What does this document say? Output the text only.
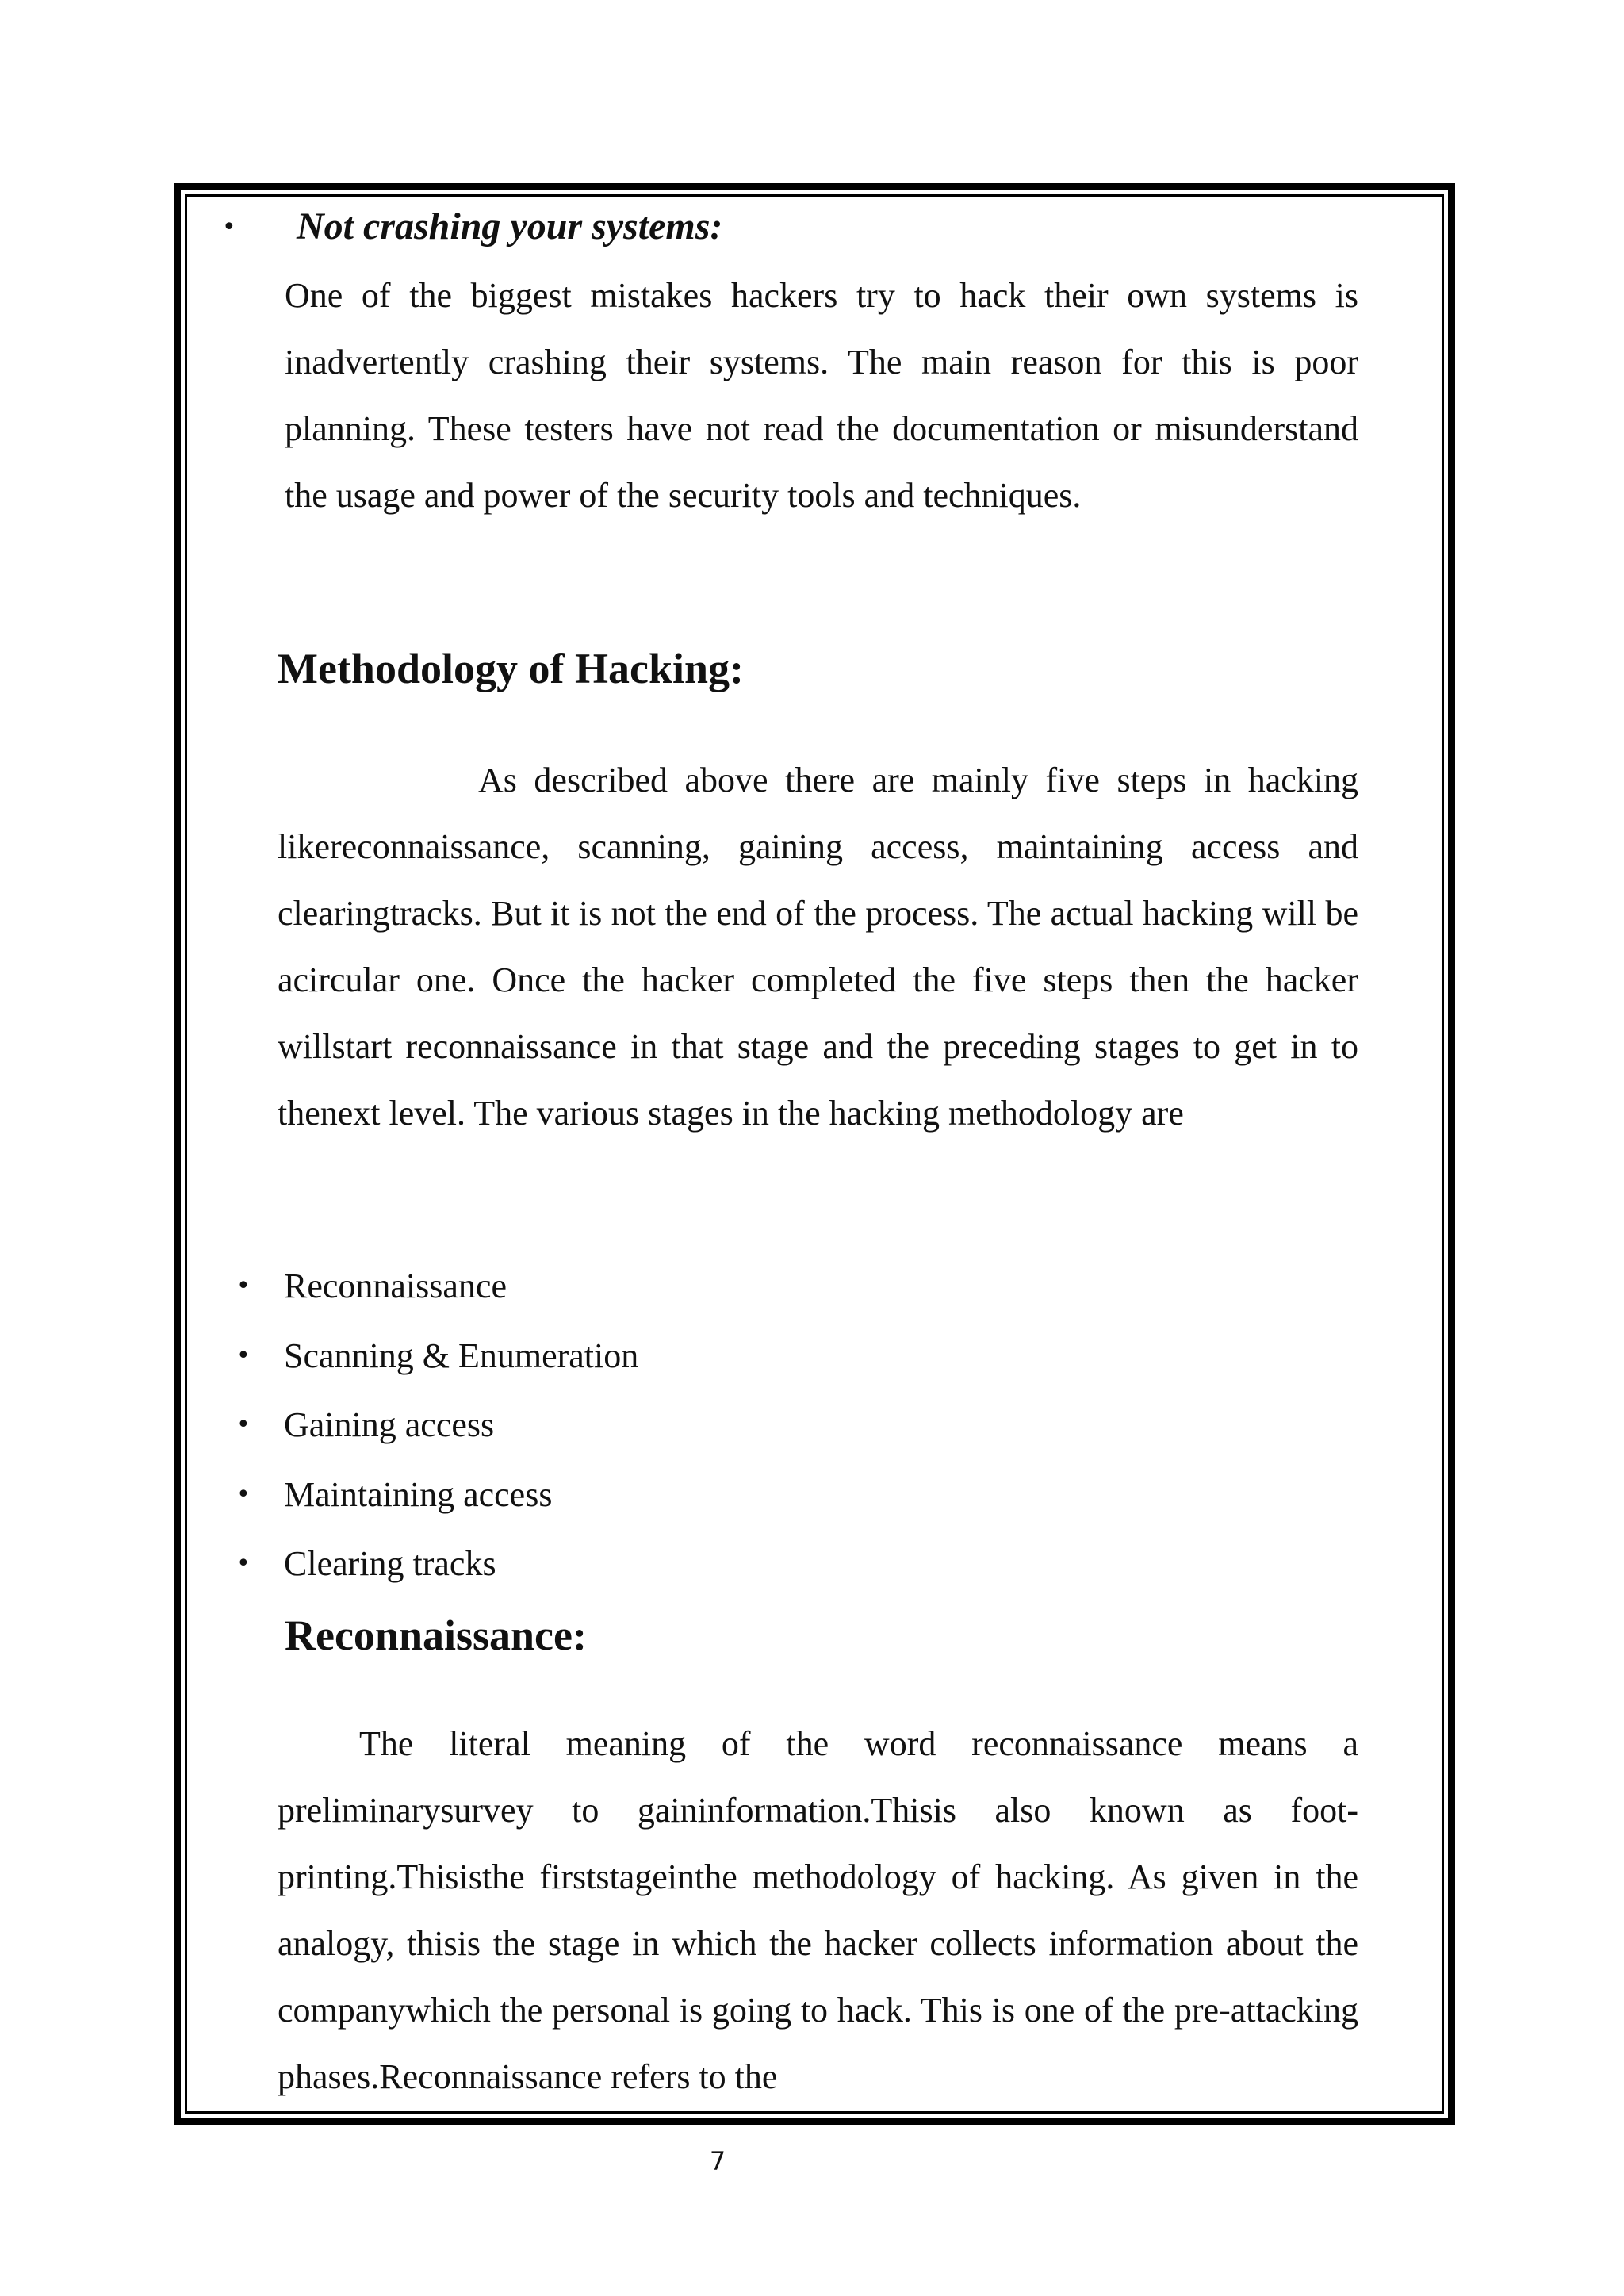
• Not crashing your systems:

One of the biggest mistakes hackers try to hack their own systems is inadvertently crashing their systems. The main reason for this is poor planning. These testers have not read the documentation or misunderstand the usage and power of the security tools and techniques.

Methodology of Hacking:

As described above there are mainly five steps in hacking likereconnaissance, scanning, gaining access, maintaining access and clearingtracks. But it is not the end of the process. The actual hacking will be acircular one. Once the hacker completed the five steps then the hacker willstart reconnaissance in that stage and the preceding stages to get in to thenext level. The various stages in the hacking methodology are

• Reconnaissance
• Scanning & Enumeration
• Gaining access
• Maintaining access
• Clearing tracks
Reconnaissance:

The literal meaning of the word reconnaissance means a preliminarysurvey to gaininformation.Thisis also known as foot-printing.Thisisthe firststageinthe methodology of hacking. As given in the analogy, thisis the stage in which the hacker collects information about the companywhich the personal is going to hack. This is one of the pre-attacking phases.Reconnaissance refers to the

7
